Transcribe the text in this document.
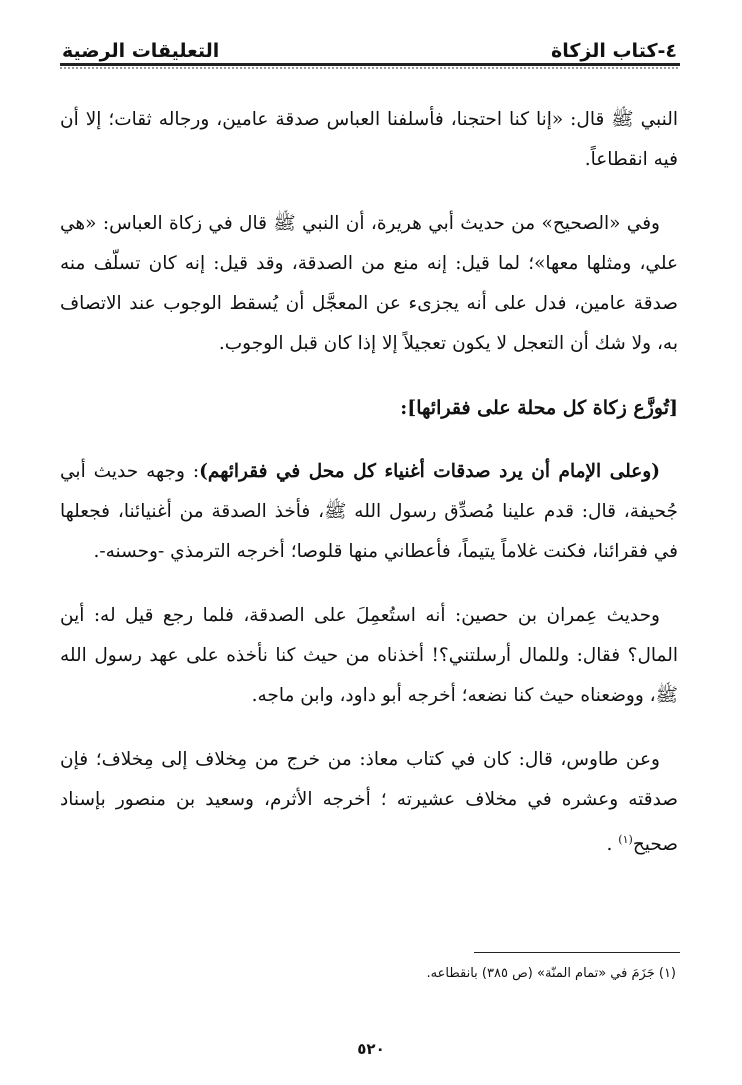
٤-كتاب الزكاة
التعليقات الرضية

النبي ﷺ قال: «إنا كنا احتجنا، فأسلفنا العباس صدقة عامين، ورجاله ثقات؛ إلا أن فيه انقطاعاً.

وفي «الصحيح» من حديث أبي هريرة، أن النبي ﷺ قال في زكاة العباس: «هي علي، ومثلها معها»؛ لما قيل: إنه منع من الصدقة، وقد قيل: إنه كان تسلّف منه صدقة عامين، فدل على أنه يجزىء عن المعجَّل أن يُسقط الوجوب عند الاتصاف به، ولا شك أن التعجل لا يكون تعجيلاً إلا إذا كان قبل الوجوب.

[تُوزَّع زكاة كل محلة على فقرائها]:

(وعلى الإمام أن يرد صدقات أغنياء كل محل في فقرائهم): وجهه حديث أبي جُحيفة، قال: قدم علينا مُصدِّق رسول الله ﷺ، فأخذ الصدقة من أغنيائنا، فجعلها في فقرائنا، فكنت غلاماً يتيماً، فأعطاني منها قلوصا؛ أخرجه الترمذي -وحسنه-.

وحديث عِمران بن حصين: أنه استُعمِلَ على الصدقة، فلما رجع قيل له: أين المال؟ فقال: وللمال أرسلتني؟! أخذناه من حيث كنا نأخذه على عهد رسول الله ﷺ، ووضعناه حيث كنا نضعه؛ أخرجه أبو داود، وابن ماجه.

وعن طاوس، قال: كان في كتاب معاذ: من خرج من مِخلاف إلى مِخلاف؛ فإن صدقته وعشره في مخلاف عشيرته ؛ أخرجه الأثرم، وسعيد بن منصور بإسناد صحيح$^{(١)}$ .

(١) جَزَمَ في «تمام المنّة» (ص ٣٨٥) بانقطاعه.
٥٢٠
